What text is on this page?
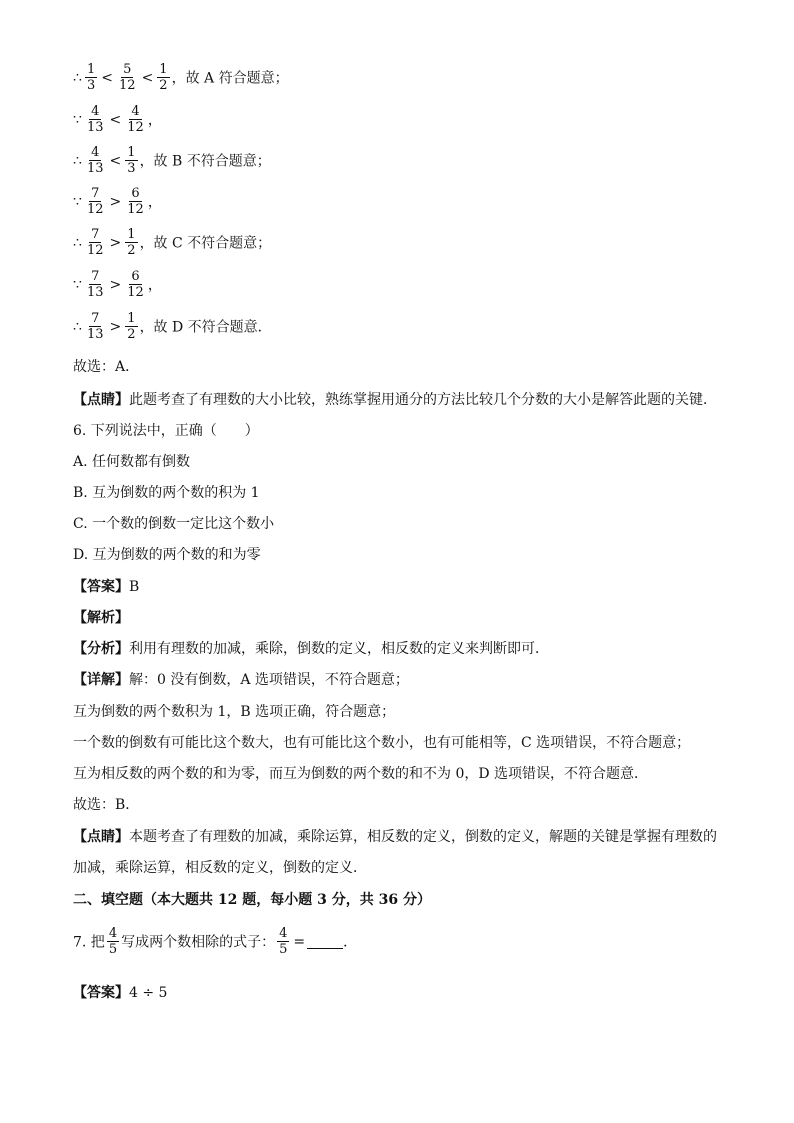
∴ $\frac{1}{3} < \frac{5}{12} < \frac{1}{2}$ ，故 A 符合题意；
∵ $\frac{4}{13} < \frac{4}{12}$ ，
∴ $\frac{4}{13} < \frac{1}{3}$ ，故 B 不符合题意；
∵ $\frac{7}{12} > \frac{6}{12}$ ，
∴ $\frac{7}{12} > \frac{1}{2}$ ，故 C 不符合题意；
∵ $\frac{7}{13} > \frac{6}{12}$ ，
∴ $\frac{7}{13} > \frac{1}{2}$ ，故 D 不符合题意．
故选：A．
【点睛】此题考查了有理数的大小比较，熟练掌握用通分的方法比较几个分数的大小是解答此题的关键．
6. 下列说法中，正确（　　）
A. 任何数都有倒数
B. 互为倒数的两个数的积为 1
C. 一个数的倒数一定比这个数小
D. 互为倒数的两个数的和为零
【答案】B
【解析】
【分析】利用有理数的加减，乘除，倒数的定义，相反数的定义来判断即可．
【详解】解：0 没有倒数，A 选项错误，不符合题意；
互为倒数的两个数积为 1，B 选项正确，符合题意；
一个数的倒数有可能比这个数大，也有可能比这个数小，也有可能相等，C 选项错误，不符合题意；
互为相反数的两个数的和为零，而互为倒数的两个数的和不为 0，D 选项错误，不符合题意．
故选：B．
【点睛】本题考查了有理数的加减，乘除运算，相反数的定义，倒数的定义，解题的关键是掌握有理数的
加减，乘除运算，相反数的定义，倒数的定义．
二、填空题（本大题共 12 题，每小题 3 分，共 36 分）
7. 把 $\frac{4}{5}$ 写成两个数相除的式子： $\frac{4}{5}$ =	．
【答案】4 ÷ 5
